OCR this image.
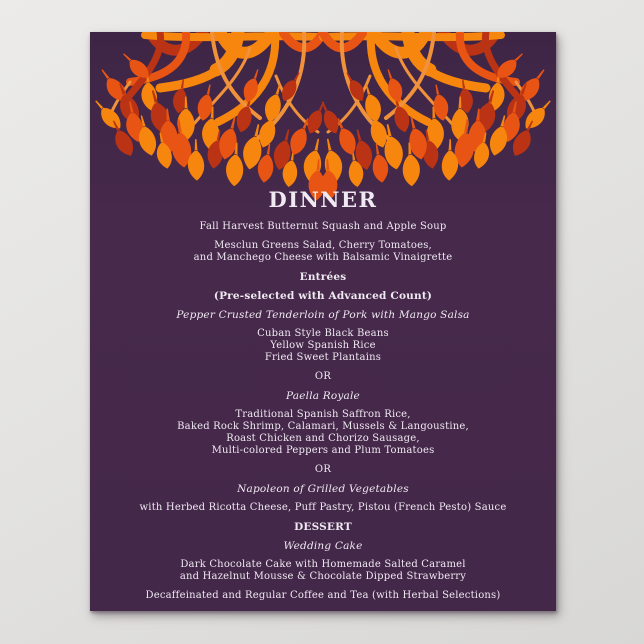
DINNER
Fall Harvest Butternut Squash and Apple Soup
Mesclun Greens Salad, Cherry Tomatoes,
and Manchego Cheese with Balsamic Vinaigrette
Entrées
(Pre-selected with Advanced Count)
Pepper Crusted Tenderloin of Pork with Mango Salsa
Cuban Style Black Beans
Yellow Spanish Rice
Fried Sweet Plantains
OR
Paella Royale
Traditional Spanish Saffron Rice,
Baked Rock Shrimp, Calamari, Mussels & Langoustine,
Roast Chicken and Chorizo Sausage,
Multi-colored Peppers and Plum Tomatoes
OR
Napoleon of Grilled Vegetables
with Herbed Ricotta Cheese, Puff Pastry, Pistou (French Pesto) Sauce
DESSERT
Wedding Cake
Dark Chocolate Cake with Homemade Salted Caramel
and Hazelnut Mousse & Chocolate Dipped Strawberry
Decaffeinated and Regular Coffee and Tea (with Herbal Selections)
